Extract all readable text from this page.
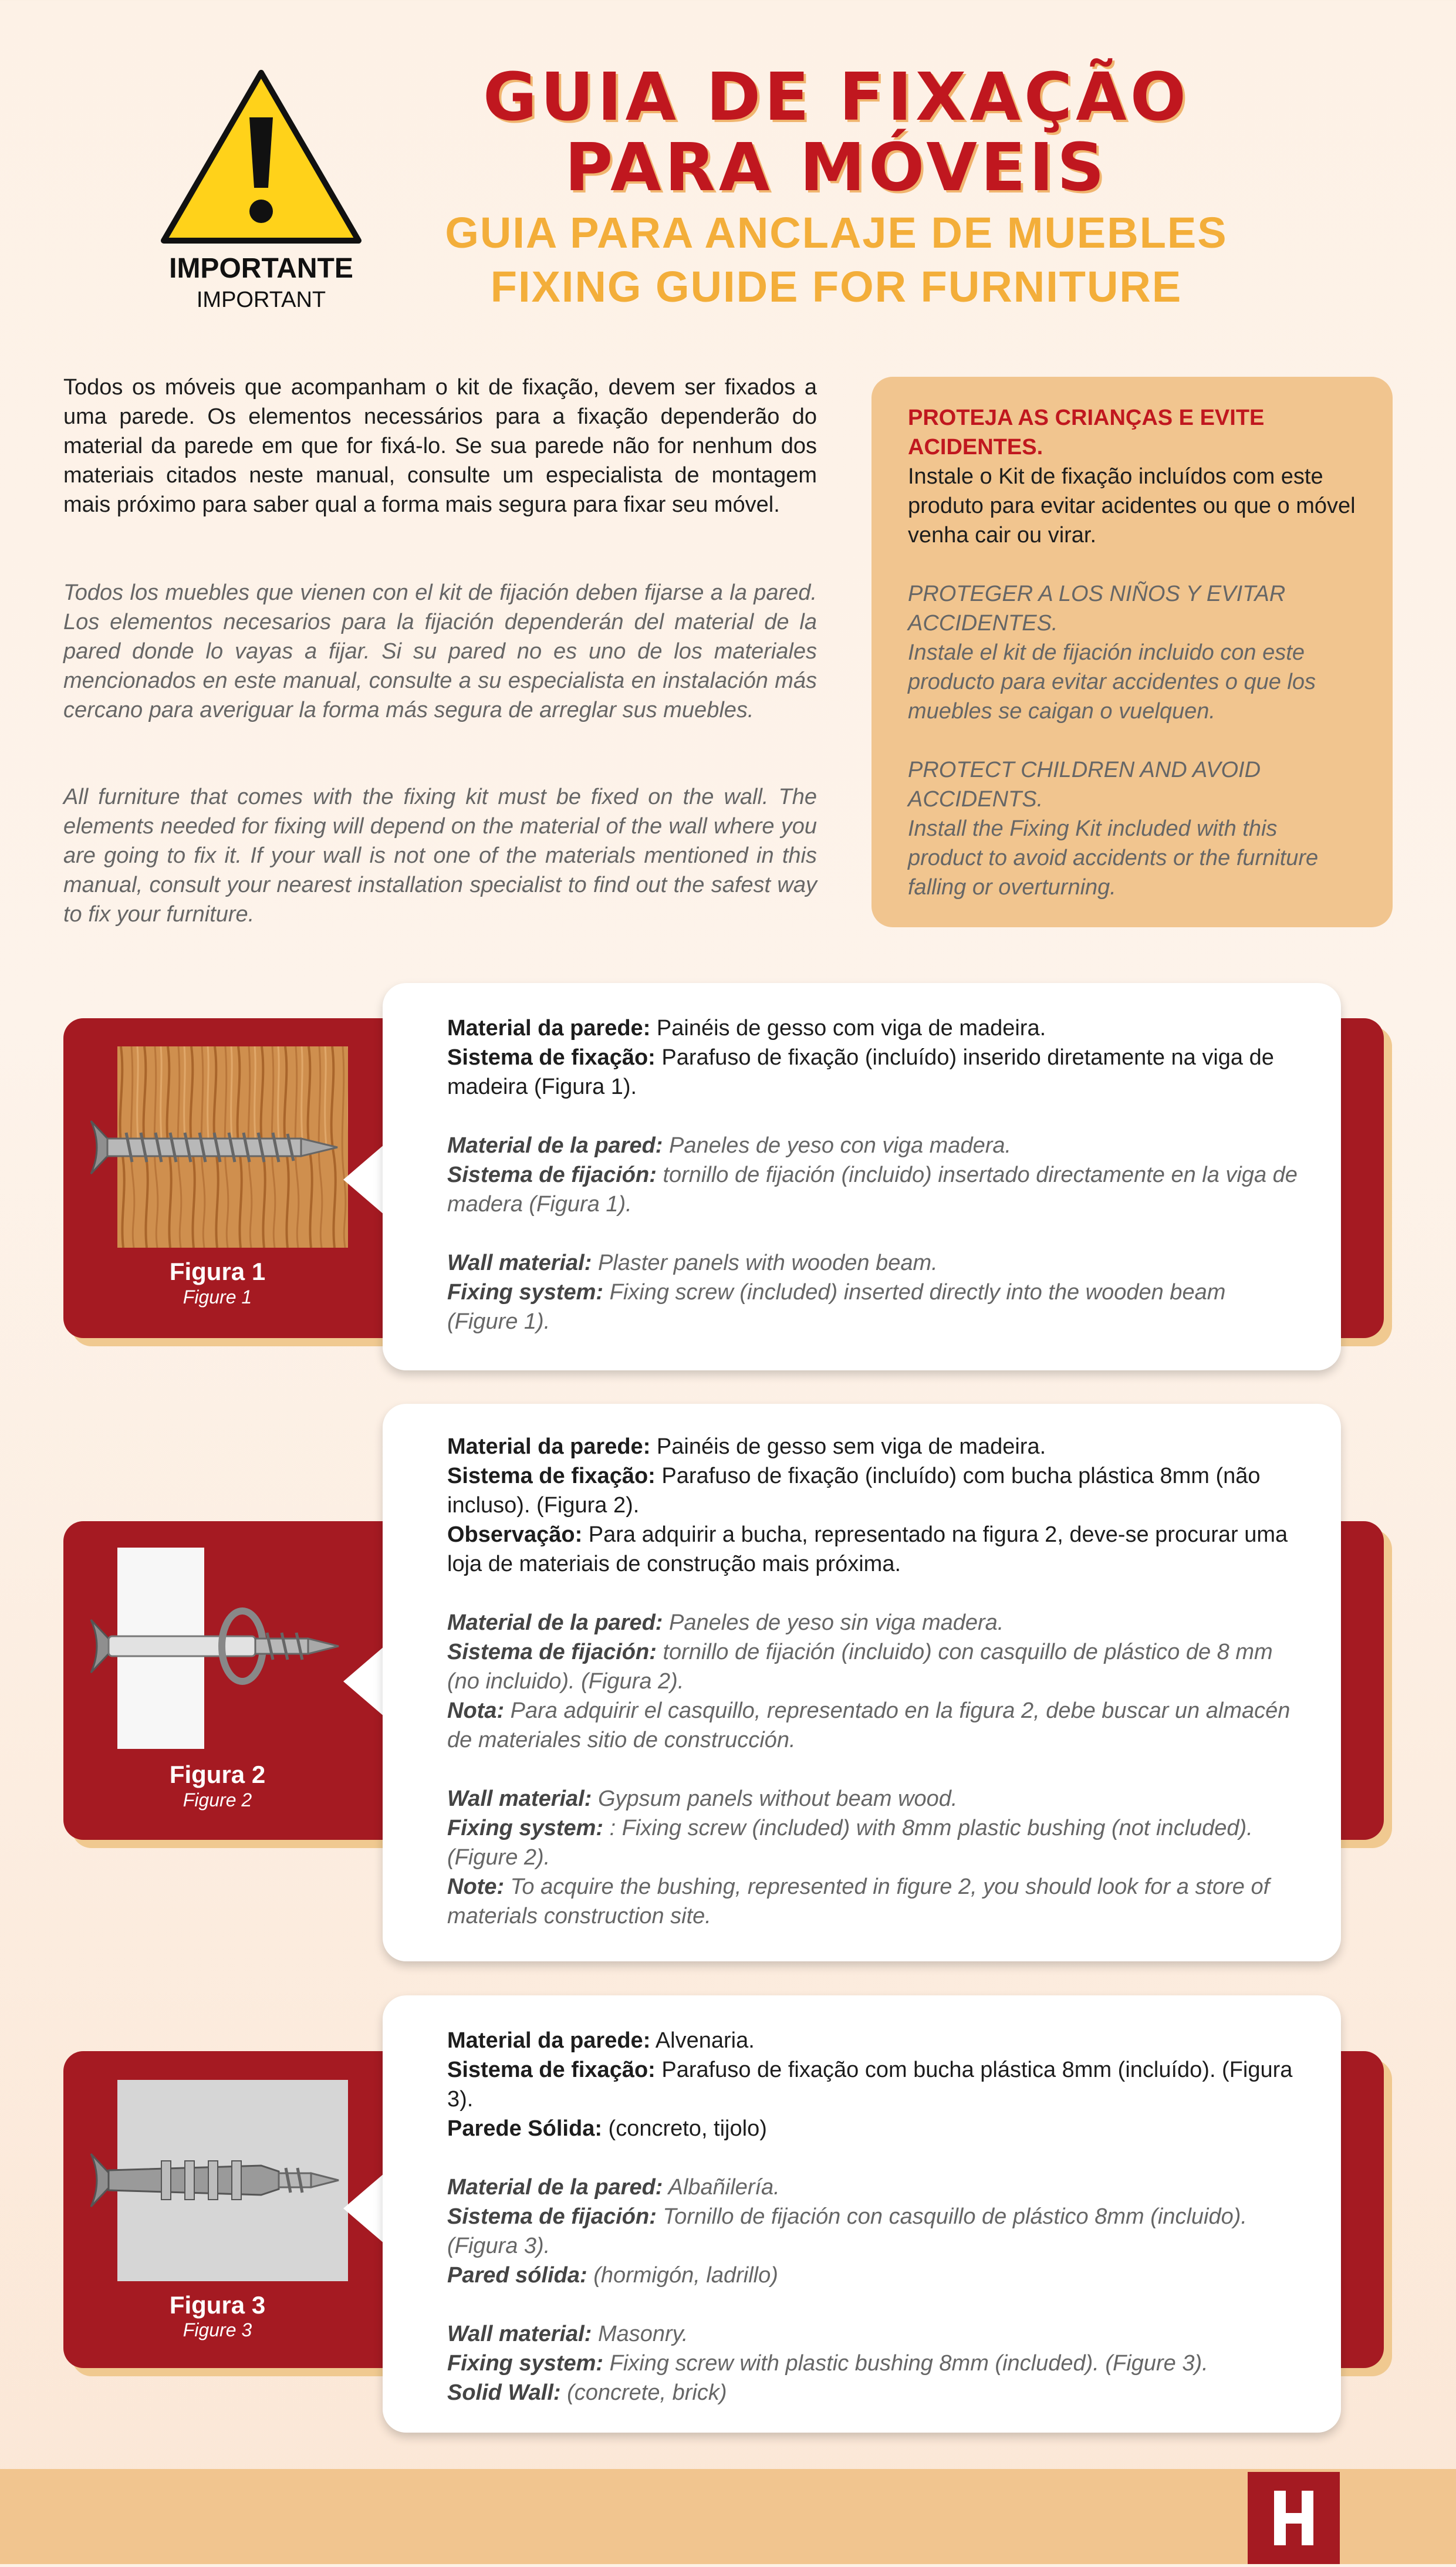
IMPORTANTE
IMPORTANT
GUIA DE FIXAÇÃO
PARA MÓVEIS
GUIA PARA ANCLAJE DE MUEBLES
FIXING GUIDE FOR FURNITURE
Todos os móveis que acompanham o kit de fixação, devem ser fixados a uma parede. Os elementos necessários para a fixação dependerão do material da parede em que for fixá-lo. Se sua parede não for nenhum dos materiais citados neste manual, consulte um especialista de montagem mais próximo para saber qual a forma mais segura para fixar seu móvel.
Todos los muebles que vienen con el kit de fijación deben fijarse a la pared. Los elementos necesarios para la fijación dependerán del material de la pared donde lo vayas a fijar. Si su pared no es uno de los materiales mencionados en este manual, consulte a su especialista en instalación más cercano para averiguar la forma más segura de arreglar sus muebles.
All furniture that comes with the fixing kit must be fixed on the wall. The elements needed for fixing will depend on the material of the wall where you are going to fix it. If your wall is not one of the materials mentioned in this manual, consult your nearest installation specialist to find out the safest way to fix your furniture.
PROTEJA AS CRIANÇAS E EVITE ACIDENTES.
Instale o Kit de fixação incluídos com este produto para evitar acidentes ou que o móvel venha cair ou virar.
PROTEGER A LOS NIÑOS Y EVITAR ACCIDENTES.
Instale el kit de fijación incluido con este producto para evitar accidentes o que los muebles se caigan o vuelquen.
PROTECT CHILDREN AND AVOID ACCIDENTS.
Install the Fixing Kit included with this product to avoid accidents or the furniture falling or overturning.
Figura 1
Figure 1

Material da parede: Painéis de gesso com viga de madeira.

Sistema de fixação: Parafuso de fixação (incluído) inserido diretamente na viga de madeira (Figura 1).

Material de la pared: Paneles de yeso con viga madera.

Sistema de fijación: tornillo de fijación (incluido) insertado directamente en la viga de madera (Figura 1).

Wall material: Plaster panels with wooden beam.

Fixing system: Fixing screw (included) inserted directly into the wooden beam (Figure 1).

Figura 2
Figure 2

Material da parede: Painéis de gesso sem viga de madeira.

Sistema de fixação: Parafuso de fixação (incluído) com bucha plástica 8mm (não incluso). (Figura 2).

Observação: Para adquirir a bucha, representado na figura 2, deve-se procurar uma loja de materiais de construção mais próxima.

Material de la pared: Paneles de yeso sin viga madera.

Sistema de fijación: tornillo de fijación (incluido) con casquillo de plástico de 8 mm (no incluido). (Figura 2).

Nota: Para adquirir el casquillo, representado en la figura 2, debe buscar un almacén de materiales sitio de construcción.

Wall material: Gypsum panels without beam wood.

Fixing system: : Fixing screw (included) with 8mm plastic bushing (not included). (Figure 2).

Note: To acquire the bushing, represented in figure 2, you should look for a store of materials construction site.

Figura 3
Figure 3

Material da parede: Alvenaria.

Sistema de fixação: Parafuso de fixação com bucha plástica 8mm (incluído). (Figura 3).

Parede Sólida: (concreto, tijolo)

Material de la pared: Albañilería.

Sistema de fijación: Tornillo de fijación con casquillo de plástico 8mm (incluido). (Figura 3).

Pared sólida: (hormigón, ladrillo)

Wall material: Masonry.

Fixing system: Fixing screw with plastic bushing 8mm (included). (Figure 3).

Solid Wall: (concrete, brick)
